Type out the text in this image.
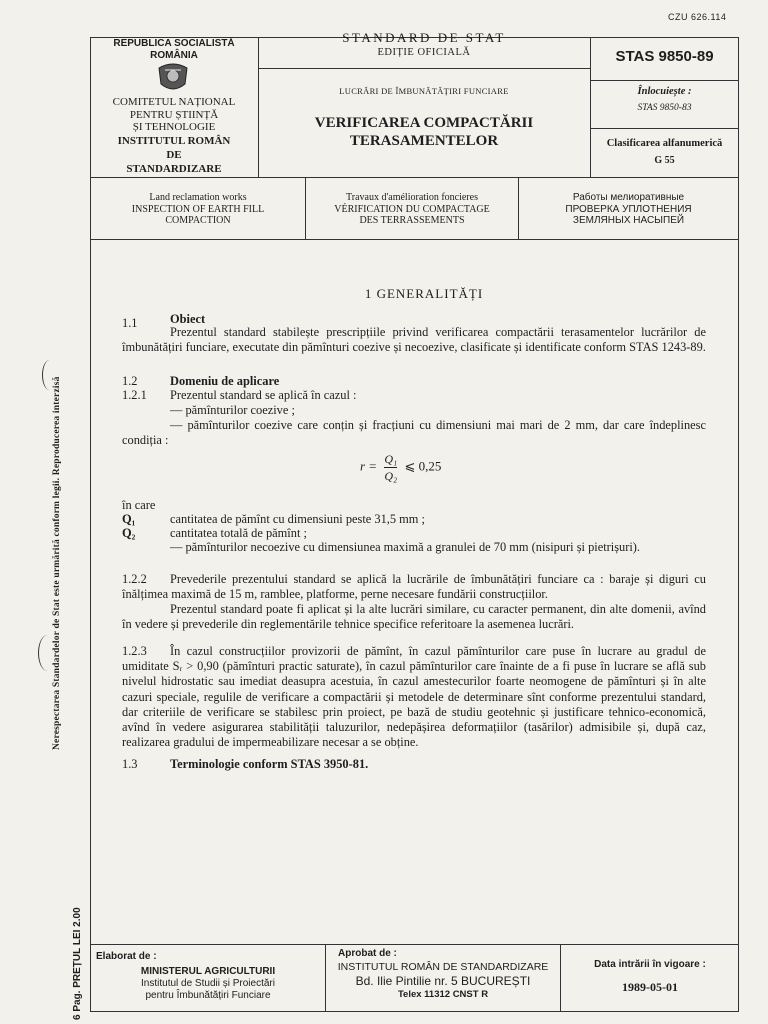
CZU 626.114
Nerespectarea Standardelor de Stat este urmărită conform legii. Reproducerea interzisă
6 Pag. PREȚUL LEI 2.00
REPUBLICA SOCIALISTĂ
ROMÂNIA
COMITETUL NAȚIONAL
PENTRU ȘTIINȚĂ
ȘI TEHNOLOGIE
INSTITUTUL ROMÂN
DE
STANDARDIZARE
STANDARD DE STAT
EDIȚIE OFICIALĂ
LUCRĂRI DE ÎMBUNĂTĂȚIRI FUNCIARE
VERIFICAREA COMPACTĂRII
TERASAMENTELOR
STAS 9850-89
Înlocuiește :
STAS 9850-83
Clasificarea alfanumerică
G 55
Land reclamation works
INSPECTION OF EARTH FILL
COMPACTION
Travaux d'amélioration foncieres
VÉRIFICATION DU COMPACTAGE
DES TERRASSEMENTS
Работы мелиоративные
ПРОВЕРКА УПЛОТНЕНИЯ
ЗЕМЛЯНЫХ НАСЫПЕЙ
1 GENERALITĂȚI
1.1	Obiect
Prezentul standard stabilește prescripțiile privind verificarea compactării terasamentelor lucrărilor de îmbunătățiri funciare, executate din pămînturi coezive și necoezive, clasificate și identificate conform STAS 1243-89.
1.2	Domeniu de aplicare
1.2.1 Prezentul standard se aplică în cazul :
— pămînturilor coezive ;
— pămînturilor coezive care conțin și fracțiuni cu dimensiuni mai mari de 2 mm, dar care îndeplinesc condiția :
$r = \frac{\text{Q₁}}{\text{Q₂}}$ ⩽ 0,25
în care
Q₁	cantitatea de pămînt cu dimensiuni peste 31,5 mm ;
Q₂	cantitatea totală de pămînt ;
— pămînturilor necoezive cu dimensiunea maximă a granulei de 70 mm (nisipuri și pietrișuri).
1.2.2	Prevederile prezentului standard se aplică la lucrările de îmbunătățiri funciare ca : baraje și diguri cu înălțimea maximă de 15 m, ramblee, platforme, perne necesare fundării construcțiilor.
Prezentul standard poate fi aplicat și la alte lucrări similare, cu caracter permanent, din alte domenii, avînd în vedere și prevederile din reglementările tehnice specifice referitoare la asemenea lucrări.
1.2.3	În cazul construcțiilor provizorii de pămînt, în cazul pămînturilor care puse în lucrare au gradul de umiditate Sᵣ > 0,90 (pămînturi practic saturate), în cazul pămînturilor care înainte de a fi puse în lucrare se află sub nivelul hidrostatic sau imediat deasupra acestuia, în cazul amestecurilor foarte neomogene de pămînturi și în alte cazuri speciale, regulile de verificare a compactării și metodele de determinare sînt conforme prezentului standard, dar criteriile de verificare se stabilesc prin proiect, pe bază de studiu geotehnic și justificare tehnico-economică, avînd în vedere asigurarea stabilității taluzurilor, nedepășirea deformațiilor (tasărilor) admisibile și, după caz, realizarea gradului de impermeabilizare necesar a se obține.
1.3	Terminologie conform STAS 3950-81.
Elaborat de :
MINISTERUL AGRICULTURII
Institutul de Studii și Proiectări
pentru Îmbunătățiri Funciare
Aprobat de :
INSTITUTUL ROMÂN DE STANDARDIZARE
Bd. Ilie Pintilie nr. 5 BUCUREȘTI
Telex 11312 CNST R
Data intrării în vigoare :
1989-05-01
